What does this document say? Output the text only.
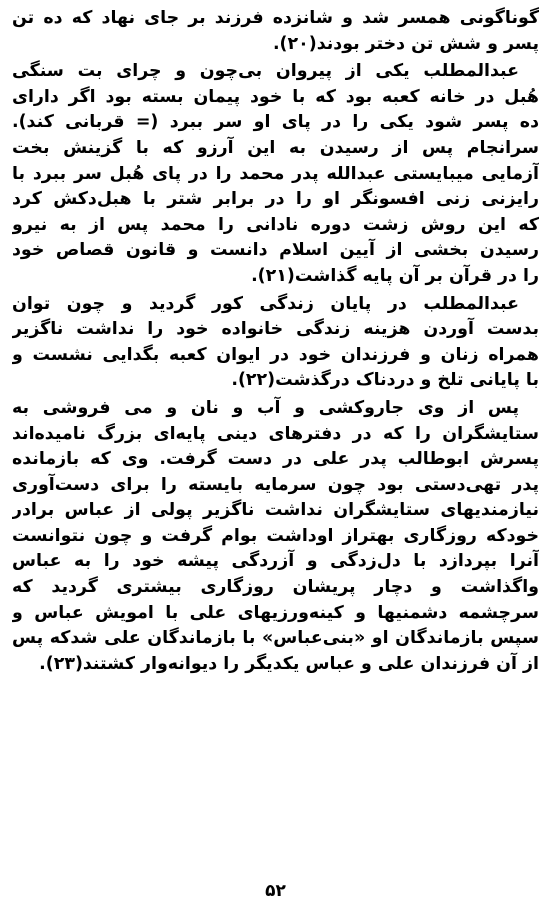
گوناگونی همسر شد و شانزده فرزند بر جای نهاد که ده تن
پسر و شش تن دختر بودند(۲۰).
عبدالمطلب یکی از پیروان بی‌چون و چرای بت سنگی
هُبل در خانه کعبه بود که با خود پیمان بسته بود اگر دارای
ده پسر شود یکی را در پای او سر ببرد (= قربانی کند).
سرانجام پس از رسیدن به این آرزو که با گزینش بخت
آزمایی میبایستی عبدالله پدر محمد را در پای هُبل سر ببرد با
رایزنی زنی افسونگر او را در برابر شتر با هبل‌دکش کرد
که این روش زشت دوره نادانی را محمد پس از به نیرو
رسیدن بخشی از آیین اسلام دانست و قانون قصاص خود
را در قرآن بر آن پایه گذاشت(۲۱).
عبدالمطلب در پایان زندگی کور گردید و چون توان
بدست آوردن هزینه زندگی خانواده خود را نداشت ناگزیر
همراه زنان و فرزندان خود در ایوان کعبه بگدایی نشست و
با پایانی تلخ و دردناک درگذشت(۲۲).
پس از وی جاروکشی و آب و نان و می فروشی به
ستایشگران را که در دفترهای دینی پایه‌ای بزرگ نامیده‌اند
پسرش ابوطالب پدر علی در دست گرفت. وی که بازمانده
پدر تهی‌دستی بود چون سرمایه بایسته را برای دست‌آوری
نیازمندیهای ستایشگران نداشت ناگزیر پولی از عباس برادر
خودکه روزگاری بهتراز اوداشت بوام گرفت و چون نتوانست
آنرا بپردازد با دل‌زدگی و آزردگی پیشه خود را به عباس
واگذاشت و دچار پریشان روزگاری بیشتری گردید که
سرچشمه دشمنیها و کینه‌ورزیهای علی با امویش عباس و
سپس بازماندگان او «بنی‌عباس» با بازماندگان علی شدکه پس
از آن فرزندان علی و عباس یکدیگر را دیوانه‌وار کشتند(۲۳).
۵۲
